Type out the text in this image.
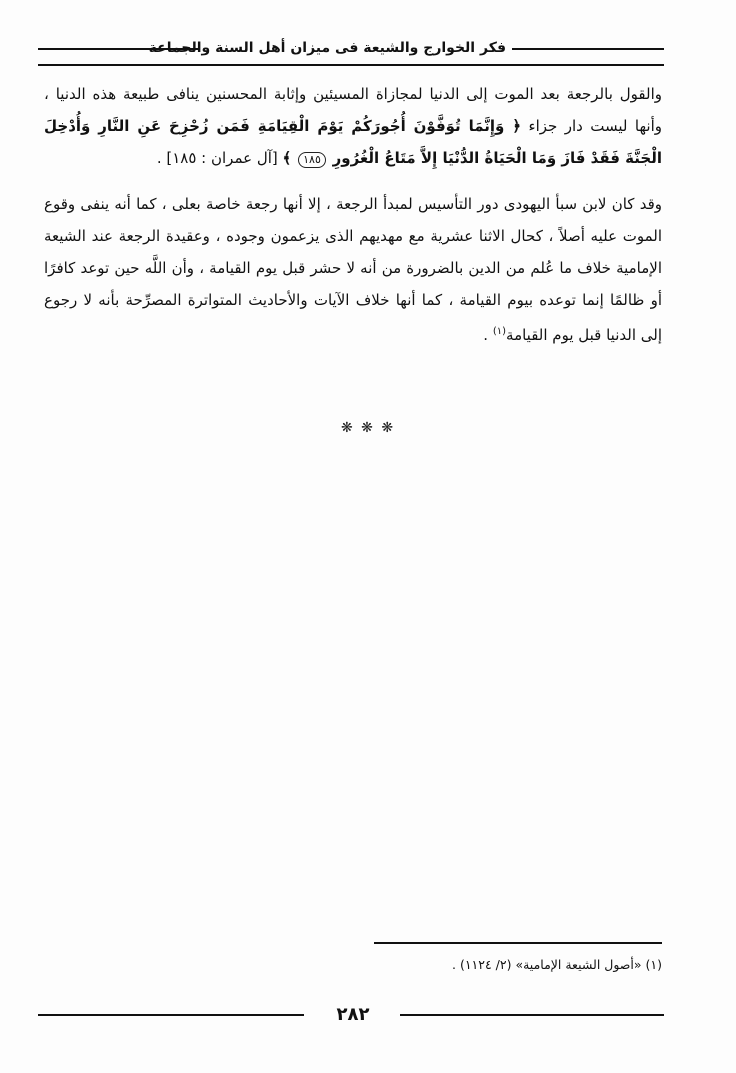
فكر الخوارج والشيعة فى ميزان أهل السنة والجماعة

والقول بالرجعة بعد الموت إلى الدنيا لمجازاة المسيئين وإثابة المحسنين ينافى طبيعة هذه الدنيا ، وأنها ليست دار جزاء ﴿ وَإِنَّمَا تُوَفَّوْنَ أُجُورَكُمْ يَوْمَ الْقِيَامَةِ فَمَن زُحْزِحَ عَنِ النَّارِ وَأُدْخِلَ الْجَنَّةَ فَقَدْ فَازَ وَمَا الْحَيَاةُ الدُّنْيَا إِلاَّ مَتَاعُ الْغُرُورِ ١٨٥ ﴾ [آل عمران : ١٨٥] .

وقد كان لابن سبأ اليهودى دور التأسيس لمبدأ الرجعة ، إلا أنها رجعة خاصة بعلى ، كما أنه ينفى وقوع الموت عليه أصلاً ، كحال الاثنا عشرية مع مهديهم الذى يزعمون وجوده ، وعقيدة الرجعة عند الشيعة الإمامية خلاف ما عُلم من الدين بالضرورة من أنه لا حشر قبل يوم القيامة ، وأن اللَّه حين توعد كافرًا أو ظالمًا إنما توعده بيوم القيامة ، كما أنها خلاف الآيات والأحاديث المتواترة المصرِّحة بأنه لا رجوع إلى الدنيا قبل يوم القيامة$^{(١)}$ .

❋ ❋ ❋
(١) «أصول الشيعة الإمامية» (٢/ ١١٢٤) .
٢٨٢
